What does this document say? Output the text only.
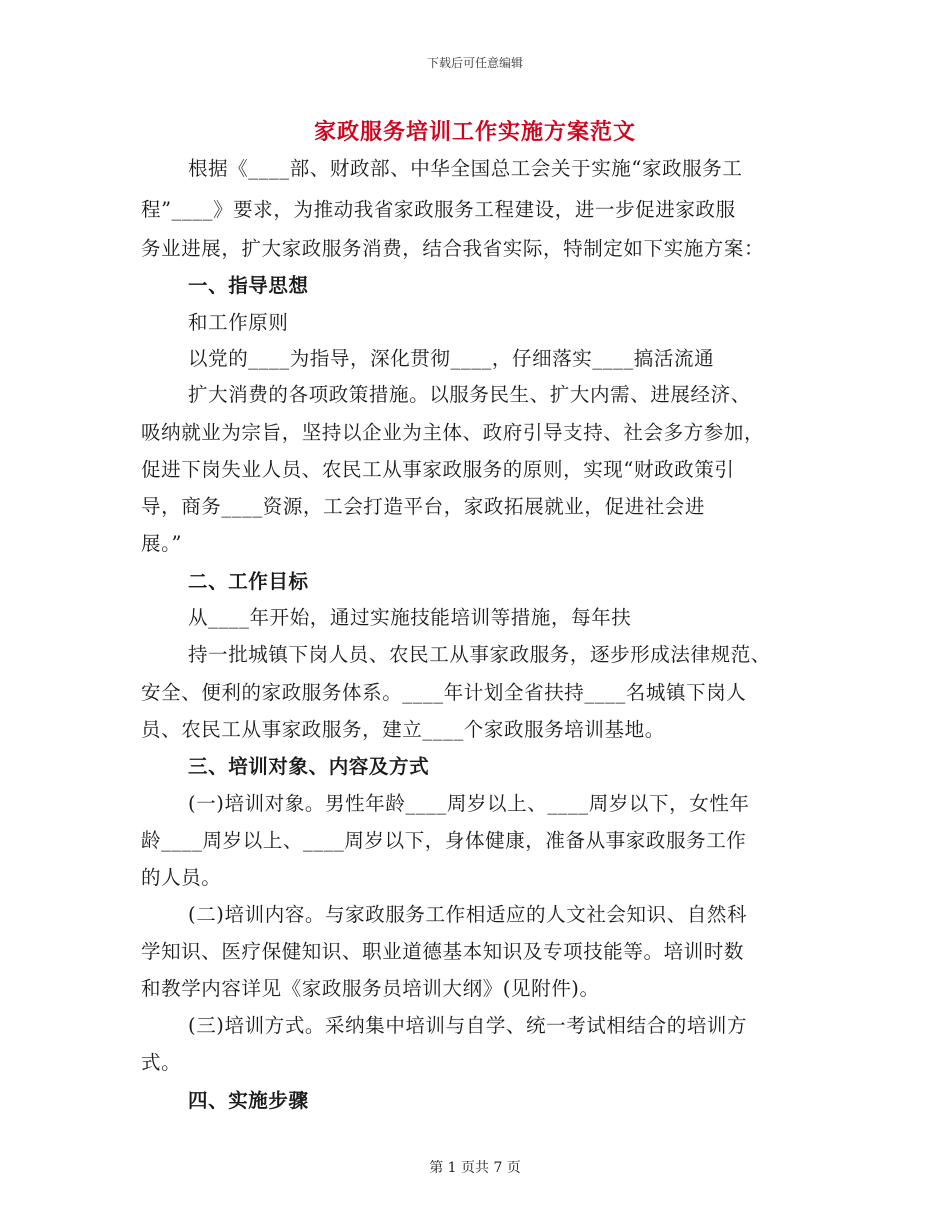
下载后可任意编辑
家政服务培训工作实施方案范文
根据《____部、财政部、中华全国总工会关于实施“家政服务工
程”____》要求，为推动我省家政服务工程建设，进一步促进家政服
务业进展，扩大家政服务消费，结合我省实际，特制定如下实施方案：
一、指导思想
和工作原则
以党的____为指导，深化贯彻____，仔细落实____搞活流通
扩大消费的各项政策措施。以服务民生、扩大内需、进展经济、
吸纳就业为宗旨，坚持以企业为主体、政府引导支持、社会多方参加，
促进下岗失业人员、农民工从事家政服务的原则，实现“财政政策引
导，商务____资源，工会打造平台，家政拓展就业，促进社会进
展。”
二、工作目标
从____年开始，通过实施技能培训等措施，每年扶
持一批城镇下岗人员、农民工从事家政服务，逐步形成法律规范、
安全、便利的家政服务体系。____年计划全省扶持____名城镇下岗人
员、农民工从事家政服务，建立____个家政服务培训基地。
三、培训对象、内容及方式
(一)培训对象。男性年龄____周岁以上、____周岁以下，女性年
龄____周岁以上、____周岁以下，身体健康，准备从事家政服务工作
的人员。
(二)培训内容。与家政服务工作相适应的人文社会知识、自然科
学知识、医疗保健知识、职业道德基本知识及专项技能等。培训时数
和教学内容详见《家政服务员培训大纲》(见附件)。
(三)培训方式。采纳集中培训与自学、统一考试相结合的培训方
式。
四、实施步骤
第 1 页共 7 页
